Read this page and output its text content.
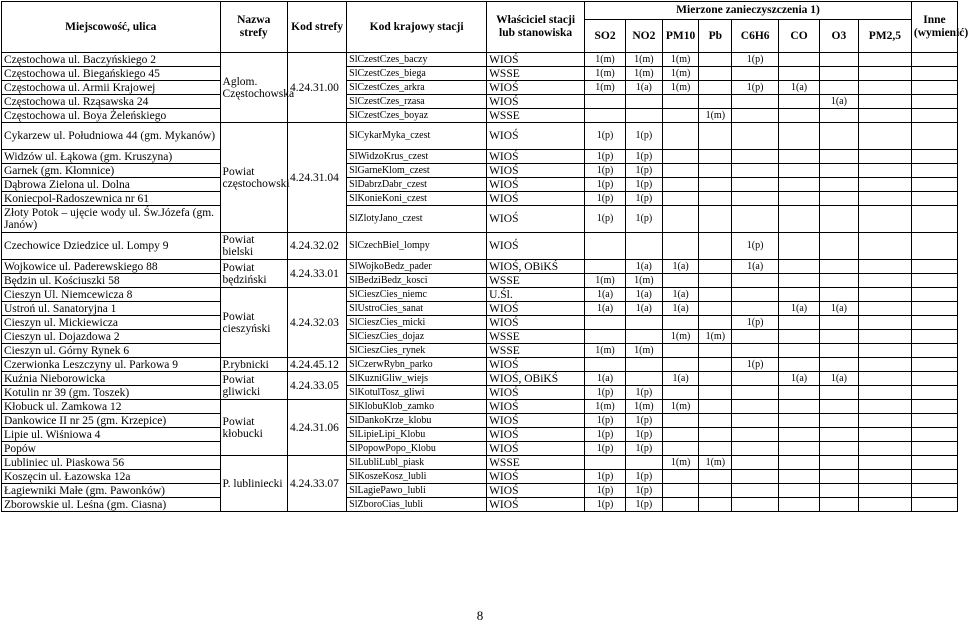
Miejscowość, ulica	Nazwa strefy	Kod strefy	Kod krajowy stacji	Właściciel stacji lub stanowiska	Mierzone zanieczyszczenia 1)								Inne (wymienić)
					SO2	NO2	PM10	Pb	C6H6	CO	O3	PM2,5	
Częstochowa ul. Baczyńskiego 2	Aglom. Częstochowska	4.24.31.00	SlCzestCzes_baczy	WIOŚ	1(m)	1(m)	1(m)		1(p)				
Częstochowa ul. Biegańskiego 45			SlCzestCzes_biega	WSSE	1(m)	1(m)	1(m)						
Częstochowa ul. Armii Krajowej			SlCzestCzes_arkra	WIOŚ	1(m)	1(a)	1(m)		1(p)	1(a)			
Częstochowa ul. Rząsawska 24			SlCzestCzes_rzasa	WIOŚ							1(a)		
Częstochowa ul. Boya Żeleńskiego			SlCzestCzes_boyaz	WSSE				1(m)					
Cykarzew ul. Południowa 44 (gm. Mykanów)	Powiat częstochowski	4.24.31.04	SlCykarMyka_czest	WIOŚ	1(p)	1(p)							
Widzów ul. Łąkowa (gm. Kruszyna)			SlWidzoKrus_czest	WIOŚ	1(p)	1(p)							
Garnek (gm. Kłomnice)			SlGarneKlom_czest	WIOŚ	1(p)	1(p)							
Dąbrowa Zielona ul. Dolna			SlDabrzDabr_czest	WIOŚ	1(p)	1(p)							
Koniecpol-Radoszewnica nr 61			SlKonieKoni_czest	WIOŚ	1(p)	1(p)							
Złoty Potok – ujęcie wody ul. Św.Józefa (gm. Janów)			SlZlotyJano_czest	WIOŚ	1(p)	1(p)							
Czechowice Dziedzice ul. Lompy 9	Powiat bielski	4.24.32.02	SlCzechBiel_lompy	WIOŚ					1(p)				
Wojkowice ul. Paderewskiego 88	Powiat będziński	4.24.33.01	SlWojkoBedz_pader	WIOŚ, OBiKŚ		1(a)	1(a)		1(a)				
Będzin ul. Kościuszki 58			SlBedziBedz_kosci	WSSE	1(m)	1(m)							
Cieszyn Ul. Niemcewicza 8	Powiat cieszyński	4.24.32.03	SlCieszCies_niemc	U.Śl.	1(a)	1(a)	1(a)						
Ustroń ul. Sanatoryjna 1			SlUstroCies_sanat	WIOŚ	1(a)	1(a)	1(a)			1(a)	1(a)		
Cieszyn ul. Mickiewicza			SlCieszCies_micki	WIOŚ					1(p)				
Cieszyn ul. Dojazdowa 2			SlCieszCies_dojaz	WSSE			1(m)	1(m)					
Cieszyn ul. Górny Rynek 6			SlCieszCies_rynek	WSSE	1(m)	1(m)							
Czerwionka Leszczyny ul. Parkowa 9	P.rybnicki	4.24.45.12	SlCzerwRybn_parko	WIOŚ					1(p)				
Kuźnia Nieborowicka	Powiat gliwicki	4.24.33.05	SlKuzniGliw_wiejs	WIOŚ, OBiKŚ	1(a)		1(a)			1(a)	1(a)		
Kotulin nr 39 (gm. Toszek)			SlKotulTosz_gliwi	WIOŚ	1(p)	1(p)							
Kłobuck ul. Zamkowa 12	Powiat kłobucki	4.24.31.06	SlKlobuKlob_zamko	WIOŚ	1(m)	1(m)	1(m)						
Dankowice II nr 25 (gm. Krzepice)			SlDankoKrze_klobu	WIOŚ	1(p)	1(p)							
Lipie ul. Wiśniowa 4			SlLipieLipi_Klobu	WIOŚ	1(p)	1(p)							
Popów			SlPopowPopo_Klobu	WIOŚ	1(p)	1(p)							
Lubliniec ul. Piaskowa 56	P. lubliniecki	4.24.33.07	SlLubliLubl_piask	WSSE			1(m)	1(m)					
Koszęcin ul. Łazowska 12a			SlKoszeKosz_lubli	WIOŚ	1(p)	1(p)							
Łagiewniki Małe (gm. Pawonków)			SlLagiePawo_lubli	WIOŚ	1(p)	1(p)							
Zborowskie ul. Leśna (gm. Ciasna)			SlZboroCias_lubli	WIOŚ	1(p)	1(p)							
8
